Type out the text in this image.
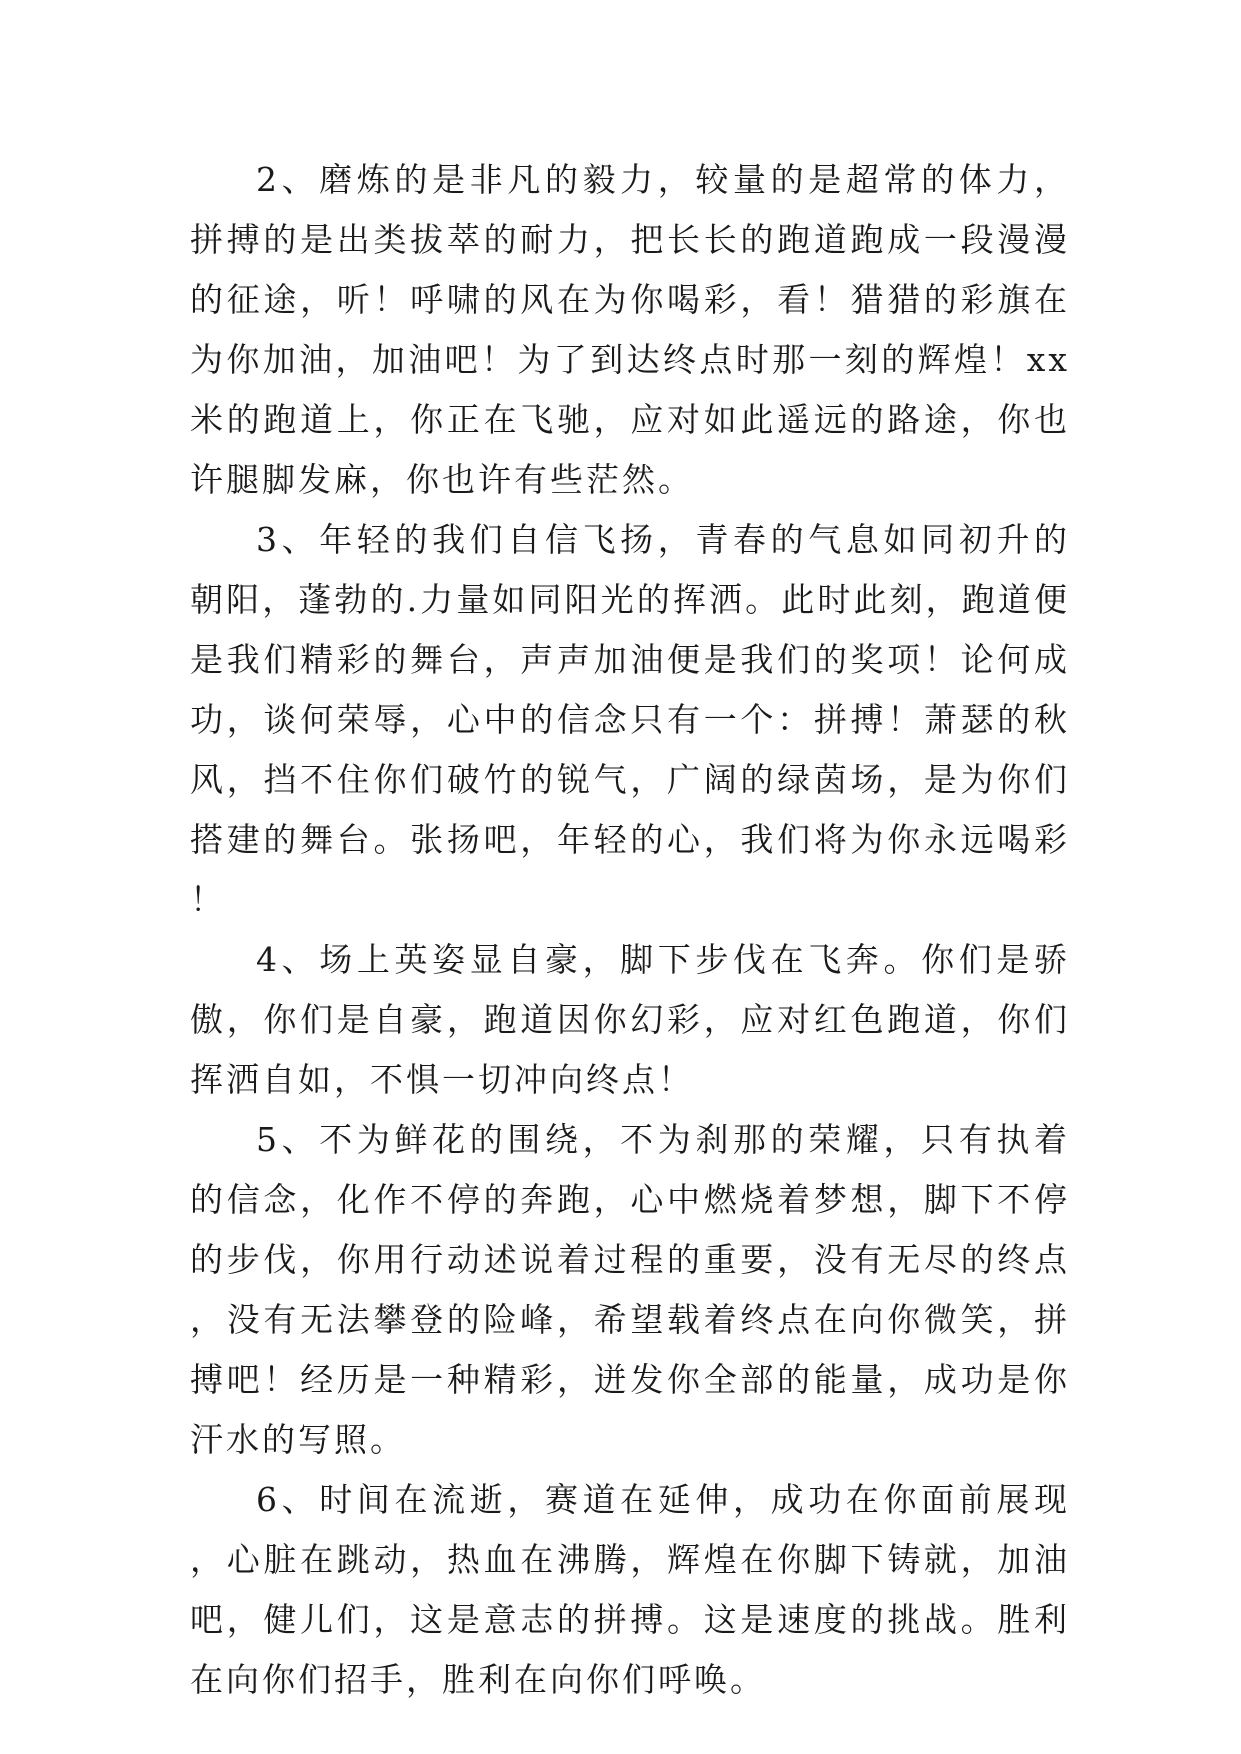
2、磨炼的是非凡的毅力，较量的是超常的体力，拼搏的是出类拔萃的耐力，把长长的跑道跑成一段漫漫的征途，听！呼啸的风在为你喝彩，看！猎猎的彩旗在为你加油，加油吧！为了到达终点时那一刻的辉煌！xx 米的跑道上，你正在飞驰，应对如此遥远的路途，你也许腿脚发麻，你也许有些茫然。

3、年轻的我们自信飞扬，青春的气息如同初升的朝阳，蓬勃的.力量如同阳光的挥洒。此时此刻，跑道便是我们精彩的舞台，声声加油便是我们的奖项！论何成功，谈何荣辱，心中的信念只有一个：拼搏！萧瑟的秋风，挡不住你们破竹的锐气，广阔的绿茵场，是为你们搭建的舞台。张扬吧，年轻的心，我们将为你永远喝彩！

4、场上英姿显自豪，脚下步伐在飞奔。你们是骄傲，你们是自豪，跑道因你幻彩，应对红色跑道，你们挥洒自如，不惧一切冲向终点！

5、不为鲜花的围绕，不为刹那的荣耀，只有执着的信念，化作不停的奔跑，心中燃烧着梦想，脚下不停的步伐，你用行动述说着过程的重要，没有无尽的终点，没有无法攀登的险峰，希望载着终点在向你微笑，拼搏吧！经历是一种精彩，迸发你全部的能量，成功是你汗水的写照。

6、时间在流逝，赛道在延伸，成功在你面前展现，心脏在跳动，热血在沸腾，辉煌在你脚下铸就，加油吧，健儿们，这是意志的拼搏。这是速度的挑战。胜利在向你们招手，胜利在向你们呼唤。
